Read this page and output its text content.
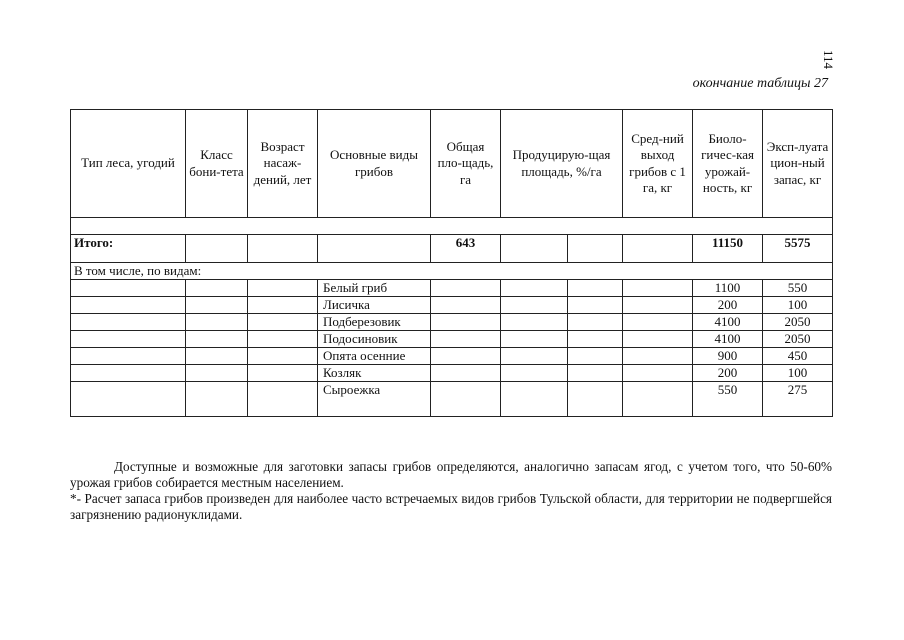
114
окончание таблицы 27
Тип леса, угодий	Класс бони-тета	Возраст насаж-дений, лет	Основные виды грибов	Общая пло-щадь, га	Продуцирую-щая площадь, %/га		Сред-ний выход грибов с 1 га, кг	Биоло-гичес-кая урожай-ность, кг	Эксп-луата цион-ный запас, кг

Итого:				643				11150	5575
В том числе, по видам:									
			Белый гриб					1100	550
			Лисичка					200	100
			Подберезовик					4100	2050
			Подосиновик					4100	2050
			Опята осенние					900	450
			Козляк					200	100
			Сыроежка					550	275
Доступные и возможные для заготовки запасы грибов определяются, аналогично запасам ягод, с учетом того, что 50-60% урожая грибов собирается местным населением.
*- Расчет запаса грибов произведен для наиболее часто встречаемых видов грибов Тульской области, для территории не подвергшейся загрязнению радионуклидами.
